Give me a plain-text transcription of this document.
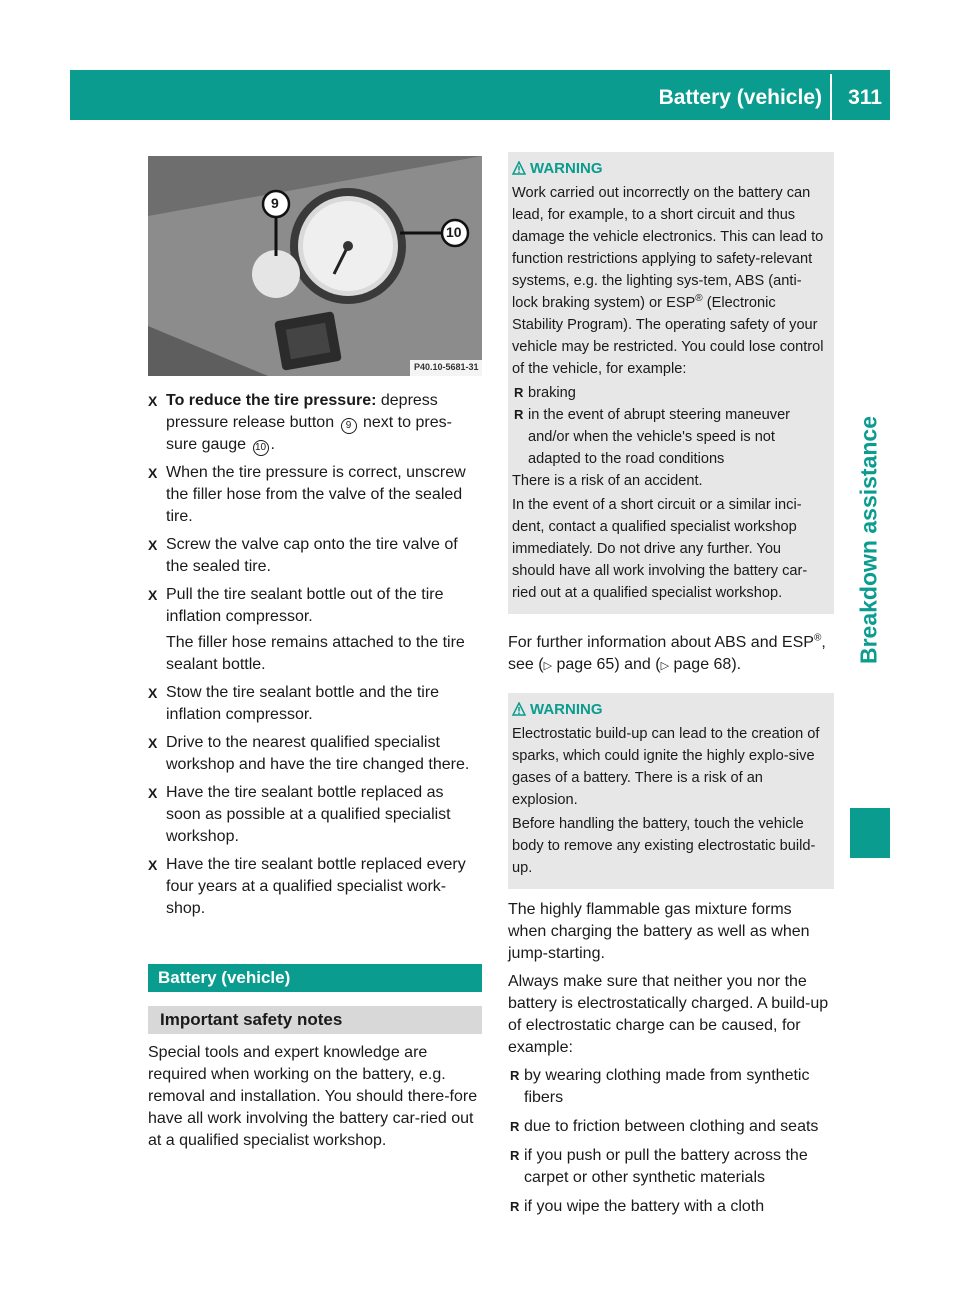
Battery (vehicle) 311
Breakdown assistance
9
10
P40.10-5681-31
X To reduce the tire pressure: depress pressure release button 9 next to pres-sure gauge 10 .
X When the tire pressure is correct, unscrew the filler hose from the valve of the sealed tire.
X Screw the valve cap onto the tire valve of the sealed tire.
X Pull the tire sealant bottle out of the tire inflation compressor.
The filler hose remains attached to the tire sealant bottle.
X Stow the tire sealant bottle and the tire inflation compressor.
X Drive to the nearest qualified specialist workshop and have the tire changed there.
X Have the tire sealant bottle replaced as soon as possible at a qualified specialist workshop.
X Have the tire sealant bottle replaced every four years at a qualified specialist work-shop.
Battery (vehicle)
Important safety notes

Special tools and expert knowledge are required when working on the battery, e.g. removal and installation. You should there-fore have all work involving the battery car-ried out at a qualified specialist workshop.

WARNING

Work carried out incorrectly on the battery can lead, for example, to a short circuit and thus damage the vehicle electronics. This can lead to function restrictions applying to safety-relevant systems, e.g. the lighting sys-tem, ABS (anti-lock braking system) or ESP® (Electronic Stability Program). The operating safety of your vehicle may be restricted. You could lose control of the vehicle, for example:

R braking
R in the event of abrupt steering maneuver and/or when the vehicle's speed is not adapted to the road conditions

There is a risk of an accident.

In the event of a short circuit or a similar inci-dent, contact a qualified specialist workshop immediately. Do not drive any further. You should have all work involving the battery car-ried out at a qualified specialist workshop.

For further information about ABS and ESP®, see (▷ page 65) and (▷ page 68).

WARNING

Electrostatic build-up can lead to the creation of sparks, which could ignite the highly explo-sive gases of a battery. There is a risk of an explosion.

Before handling the battery, touch the vehicle body to remove any existing electrostatic build-up.

The highly flammable gas mixture forms when charging the battery as well as when jump-starting.

Always make sure that neither you nor the battery is electrostatically charged. A build-up of electrostatic charge can be caused, for example:

R by wearing clothing made from synthetic fibers
R due to friction between clothing and seats
R if you push or pull the battery across the carpet or other synthetic materials
R if you wipe the battery with a cloth
